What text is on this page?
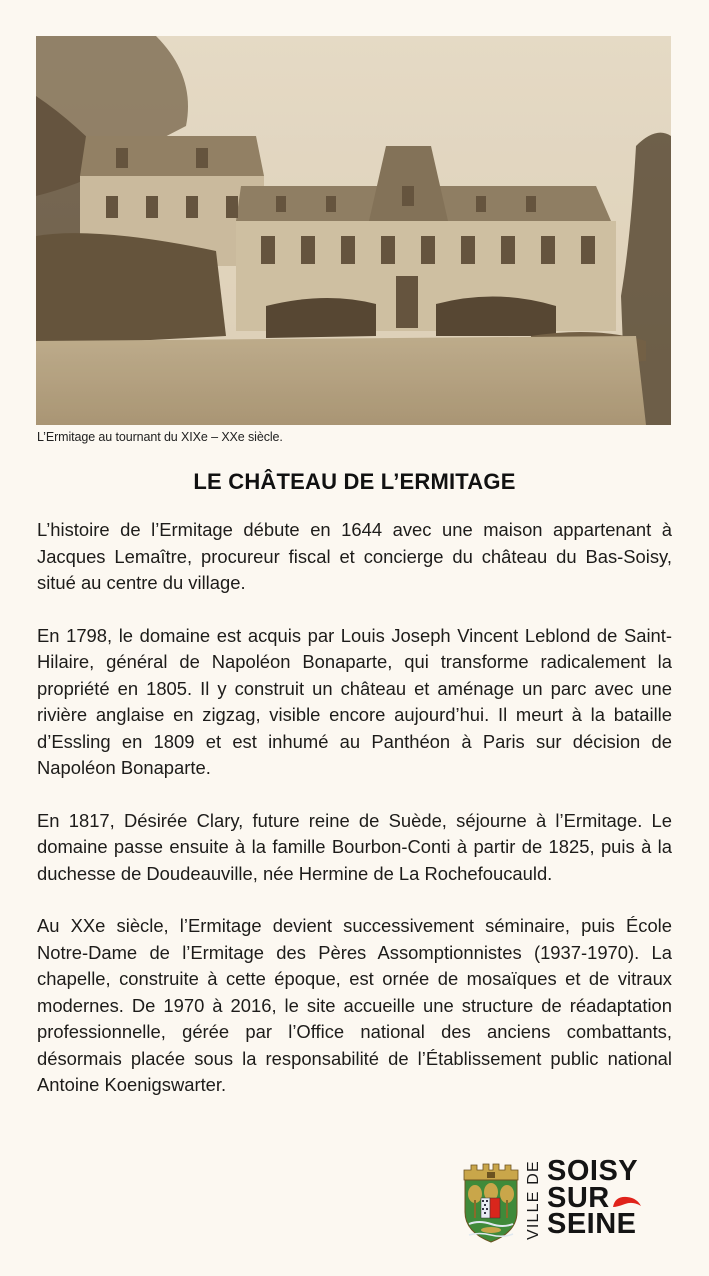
L’Ermitage au tournant du XIXe – XXe siècle.
LE CHÂTEAU DE L’ERMITAGE

L’histoire de l’Ermitage débute en 1644 avec une maison appartenant à Jacques Lemaître, procureur fiscal et concierge du château du Bas-Soisy, situé au centre du village.

En 1798, le domaine est acquis par Louis Joseph Vincent Leblond de Saint-Hilaire, général de Napoléon Bonaparte, qui transforme radicalement la propriété en 1805. Il y construit un château et aménage un parc avec une rivière anglaise en zigzag, visible encore aujourd’hui. Il meurt à la bataille d’Essling en 1809 et est inhumé au Panthéon à Paris sur décision de Napoléon Bonaparte.

En 1817, Désirée Clary, future reine de Suède, séjourne à l’Ermitage. Le domaine passe ensuite à la famille Bourbon-Conti à partir de 1825, puis à la duchesse de Doudeauville, née Hermine de La Rochefoucauld.

Au XXe siècle, l’Ermitage devient successivement séminaire, puis École Notre-Dame de l’Ermitage des Pères Assomptionnistes (1937-1970). La chapelle, construite à cette époque, est ornée de mosaïques et de vitraux modernes. De 1970 à 2016, le site accueille une structure de réadaptation professionnelle, gérée par l’Office national des anciens combattants, désormais placée sous la responsabilité de l’Établissement public national Antoine Koenigswarter.

VILLE DE SOISY
SUR
SEINE
